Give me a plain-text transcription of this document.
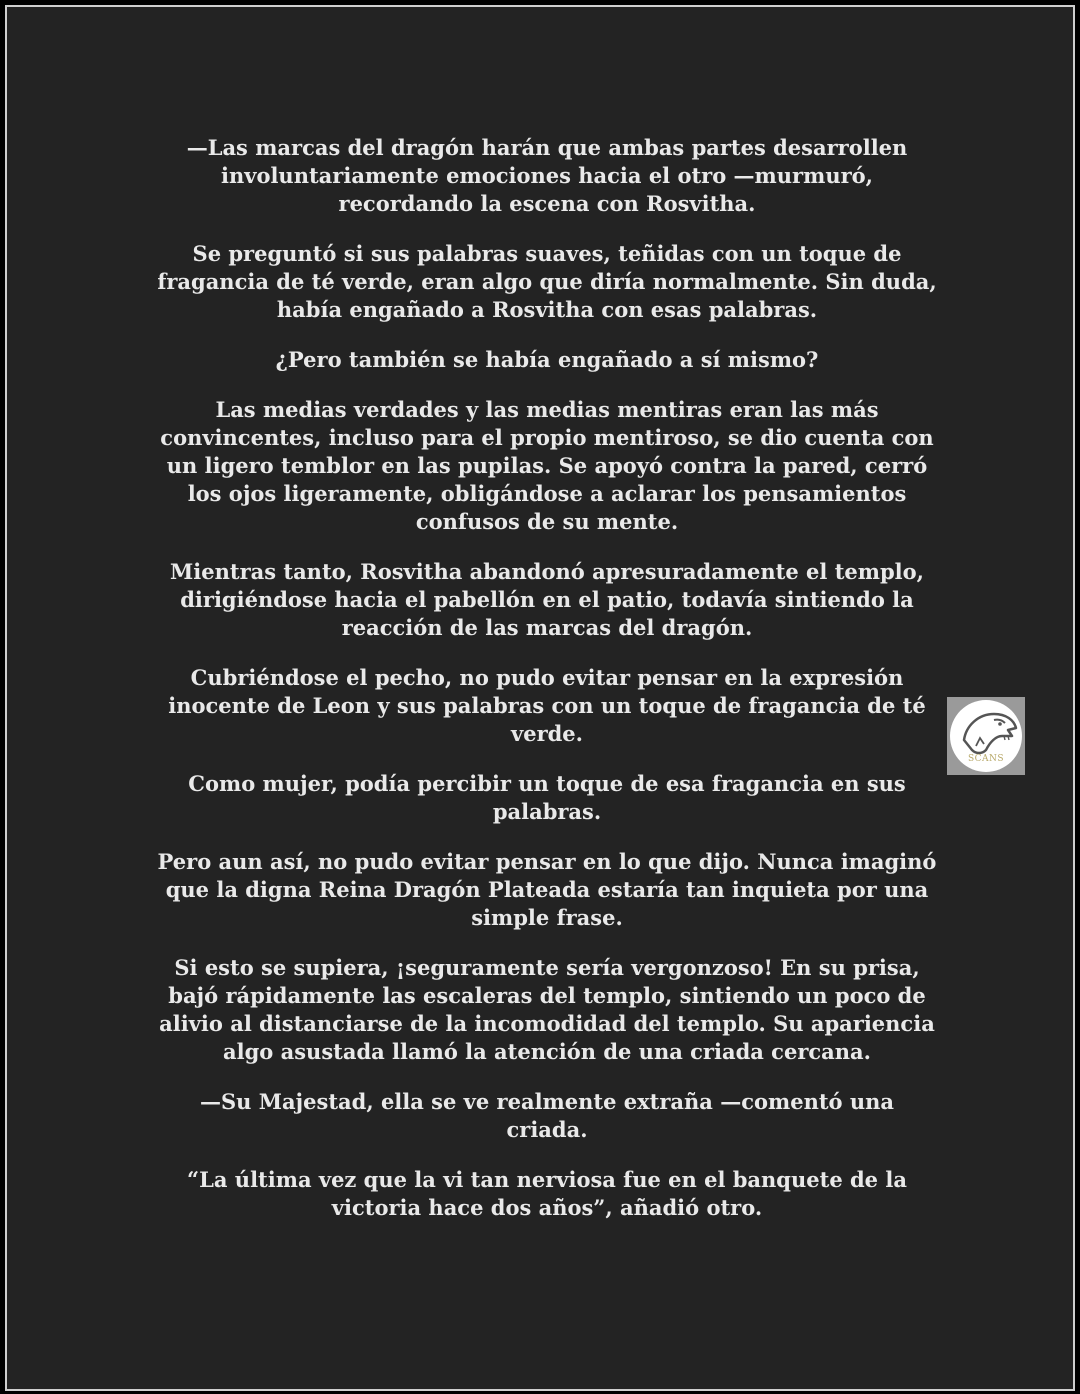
—Las marcas del dragón harán que ambas partes desarrollen involuntariamente emociones hacia el otro —murmuró, recordando la escena con Rosvitha.

Se preguntó si sus palabras suaves, teñidas con un toque de fragancia de té verde, eran algo que diría normalmente. Sin duda, había engañado a Rosvitha con esas palabras.

¿Pero también se había engañado a sí mismo?

Las medias verdades y las medias mentiras eran las más convincentes, incluso para el propio mentiroso, se dio cuenta con un ligero temblor en las pupilas. Se apoyó contra la pared, cerró los ojos ligeramente, obligándose a aclarar los pensamientos confusos de su mente.

Mientras tanto, Rosvitha abandonó apresuradamente el templo, dirigiéndose hacia el pabellón en el patio, todavía sintiendo la reacción de las marcas del dragón.

Cubriéndose el pecho, no pudo evitar pensar en la expresión inocente de Leon y sus palabras con un toque de fragancia de té verde.

Como mujer, podía percibir un toque de esa fragancia en sus palabras.

Pero aun así, no pudo evitar pensar en lo que dijo. Nunca imaginó que la digna Reina Dragón Plateada estaría tan inquieta por una simple frase.

Si esto se supiera, ¡seguramente sería vergonzoso! En su prisa, bajó rápidamente las escaleras del templo, sintiendo un poco de alivio al distanciarse de la incomodidad del templo. Su apariencia algo asustada llamó la atención de una criada cercana.

—Su Majestad, ella se ve realmente extraña —comentó una criada.

“La última vez que la vi tan nerviosa fue en el banquete de la victoria hace dos años”, añadió otro.

SCANS
